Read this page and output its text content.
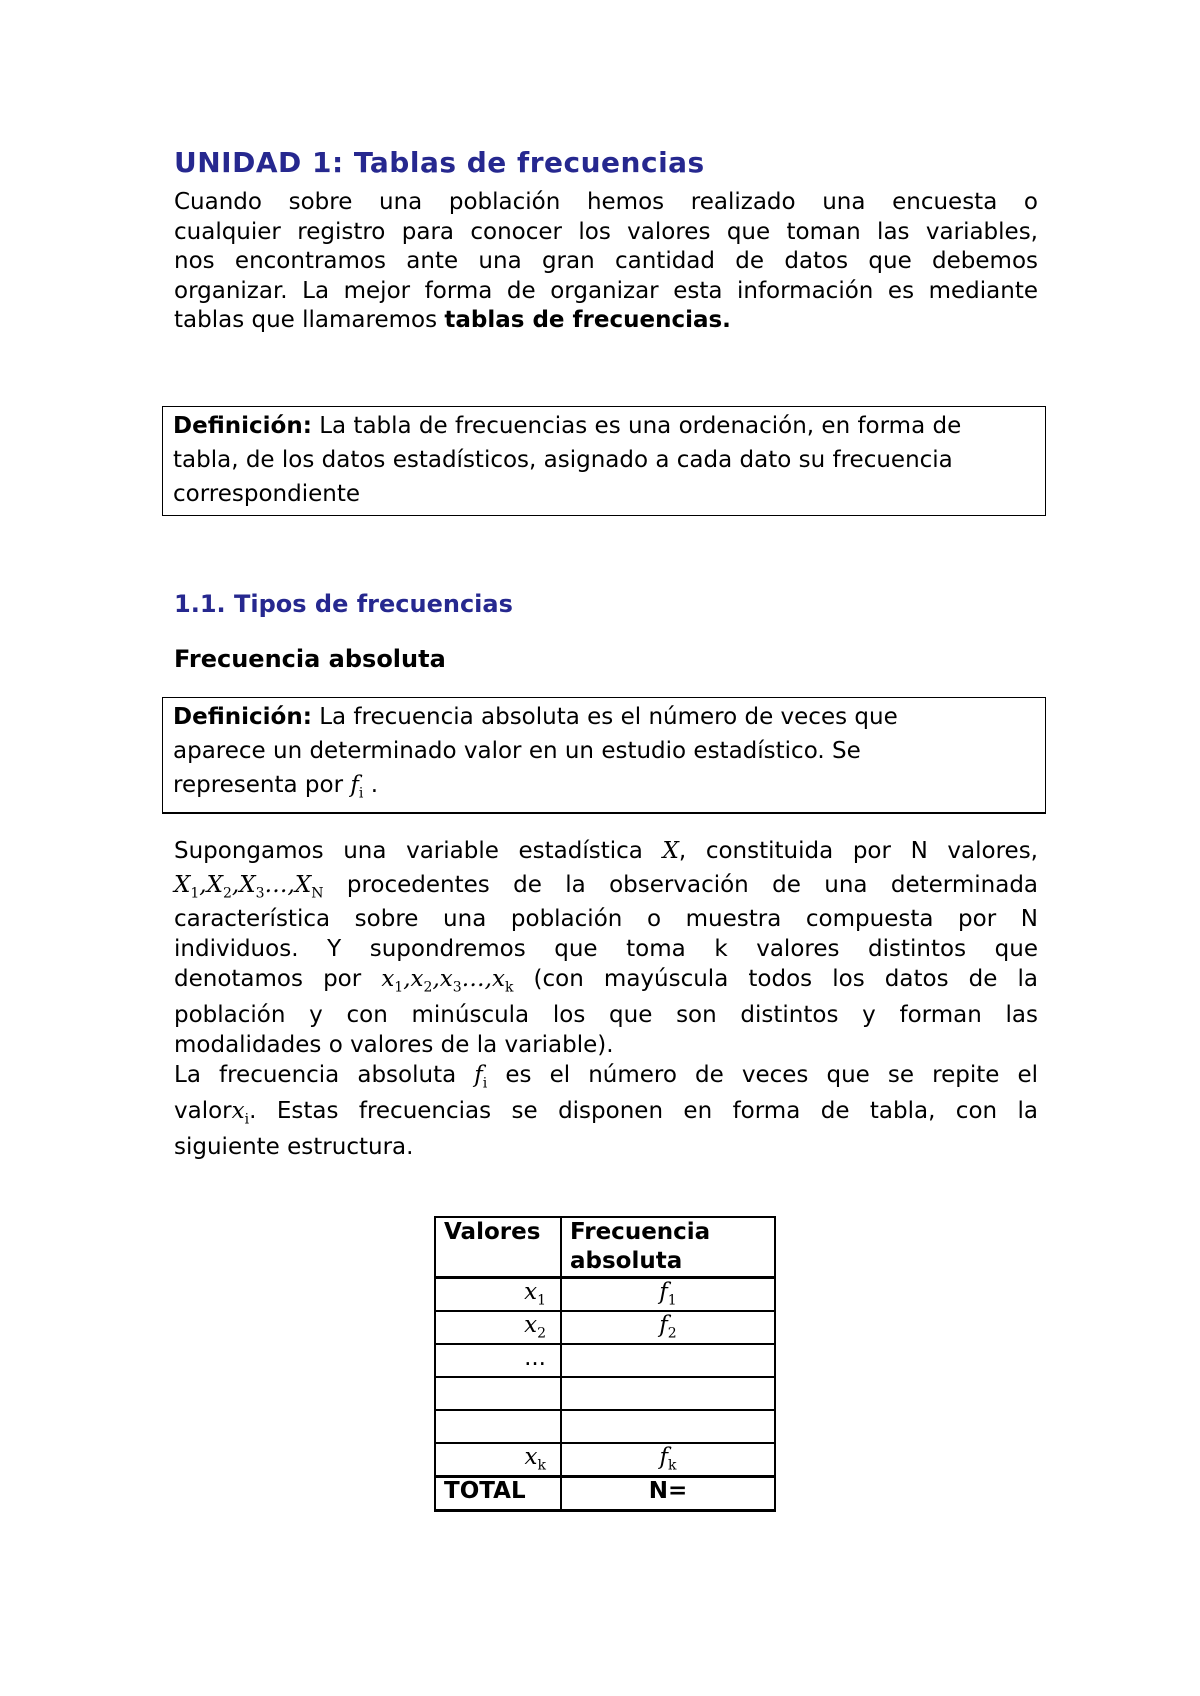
UNIDAD 1: Tablas de frecuencias
Cuando sobre una población hemos realizado una encuesta o
cualquier registro para conocer los valores que toman las variables,
nos encontramos ante una gran cantidad de datos que debemos
organizar. La mejor forma de organizar esta información es mediante
tablas que llamaremos tablas de frecuencias.
Definición: La tabla de frecuencias es una ordenación, en forma de
tabla, de los datos estadísticos, asignado a cada dato su frecuencia
correspondiente
1.1. Tipos de frecuencias
Frecuencia absoluta
Definición: La frecuencia absoluta es el número de veces que
aparece un determinado valor en un estudio estadístico. Se
representa por $f_i$ .
Supongamos una variable estadística X, constituida por N valores,
$X_1,X_2,X_3\dots,X_N$ procedentes de la observación de una determinada
característica sobre una población o muestra compuesta por N
individuos. Y supondremos que toma k valores distintos que
denotamos por $x_1,x_2,x_3\dots,x_k$ (con mayúscula todos los datos de la
población y con minúscula los que son distintos y forman las
modalidades o valores de la variable).
La frecuencia absoluta $f_i$ es el número de veces que se repite el
valorx$_i$. Estas frecuencias se disponen en forma de tabla, con la
siguiente estructura.
Valores	Frecuencia
absoluta
$x_1$	$f_1$
$x_2$	$f_2$
...	

$x_k$	$f_k$
TOTAL	N=
